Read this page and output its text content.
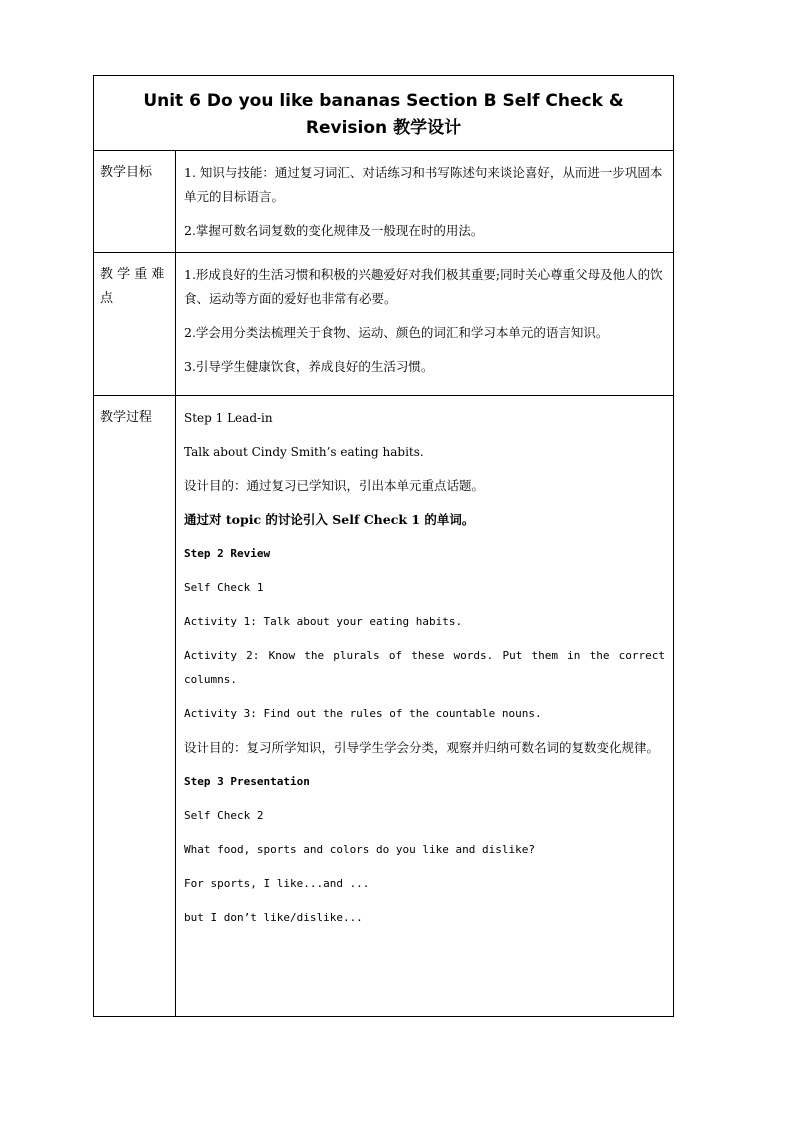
Unit 6 Do you like bananas Section B Self Check & Revision 教学设计

教学目标	1. 知识与技能：通过复习词汇、对话练习和书写陈述句来谈论喜好，从而进一步巩固本单元的目标语言。

2.掌握可数名词复数的变化规律及一般现在时的用法。

教 学 重 难 点

1.形成良好的生活习惯和积极的兴趣爱好对我们极其重要;同时关心尊重父母及他人的饮食、运动等方面的爱好也非常有必要。

2.学会用分类法梳理关于食物、运动、颜色的词汇和学习本单元的语言知识。

3.引导学生健康饮食，养成良好的生活习惯。

教学过程	Step 1 Lead-in

Talk about Cindy Smith’s eating habits.

设计目的：通过复习已学知识，引出本单元重点话题。

通过对 topic 的讨论引入 Self Check 1 的单词。

Step 2 Review

Self Check 1

Activity 1: Talk about your eating habits.

Activity 2: Know the plurals of these words. Put them in the correct columns.

Activity 3: Find out the rules of the countable nouns.

设计目的：复习所学知识，引导学生学会分类，观察并归纳可数名词的复数变化规律。

Step 3 Presentation

Self Check 2

What food, sports and colors do you like and dislike?

For sports, I like...and ...

but I don’t like/dislike...
